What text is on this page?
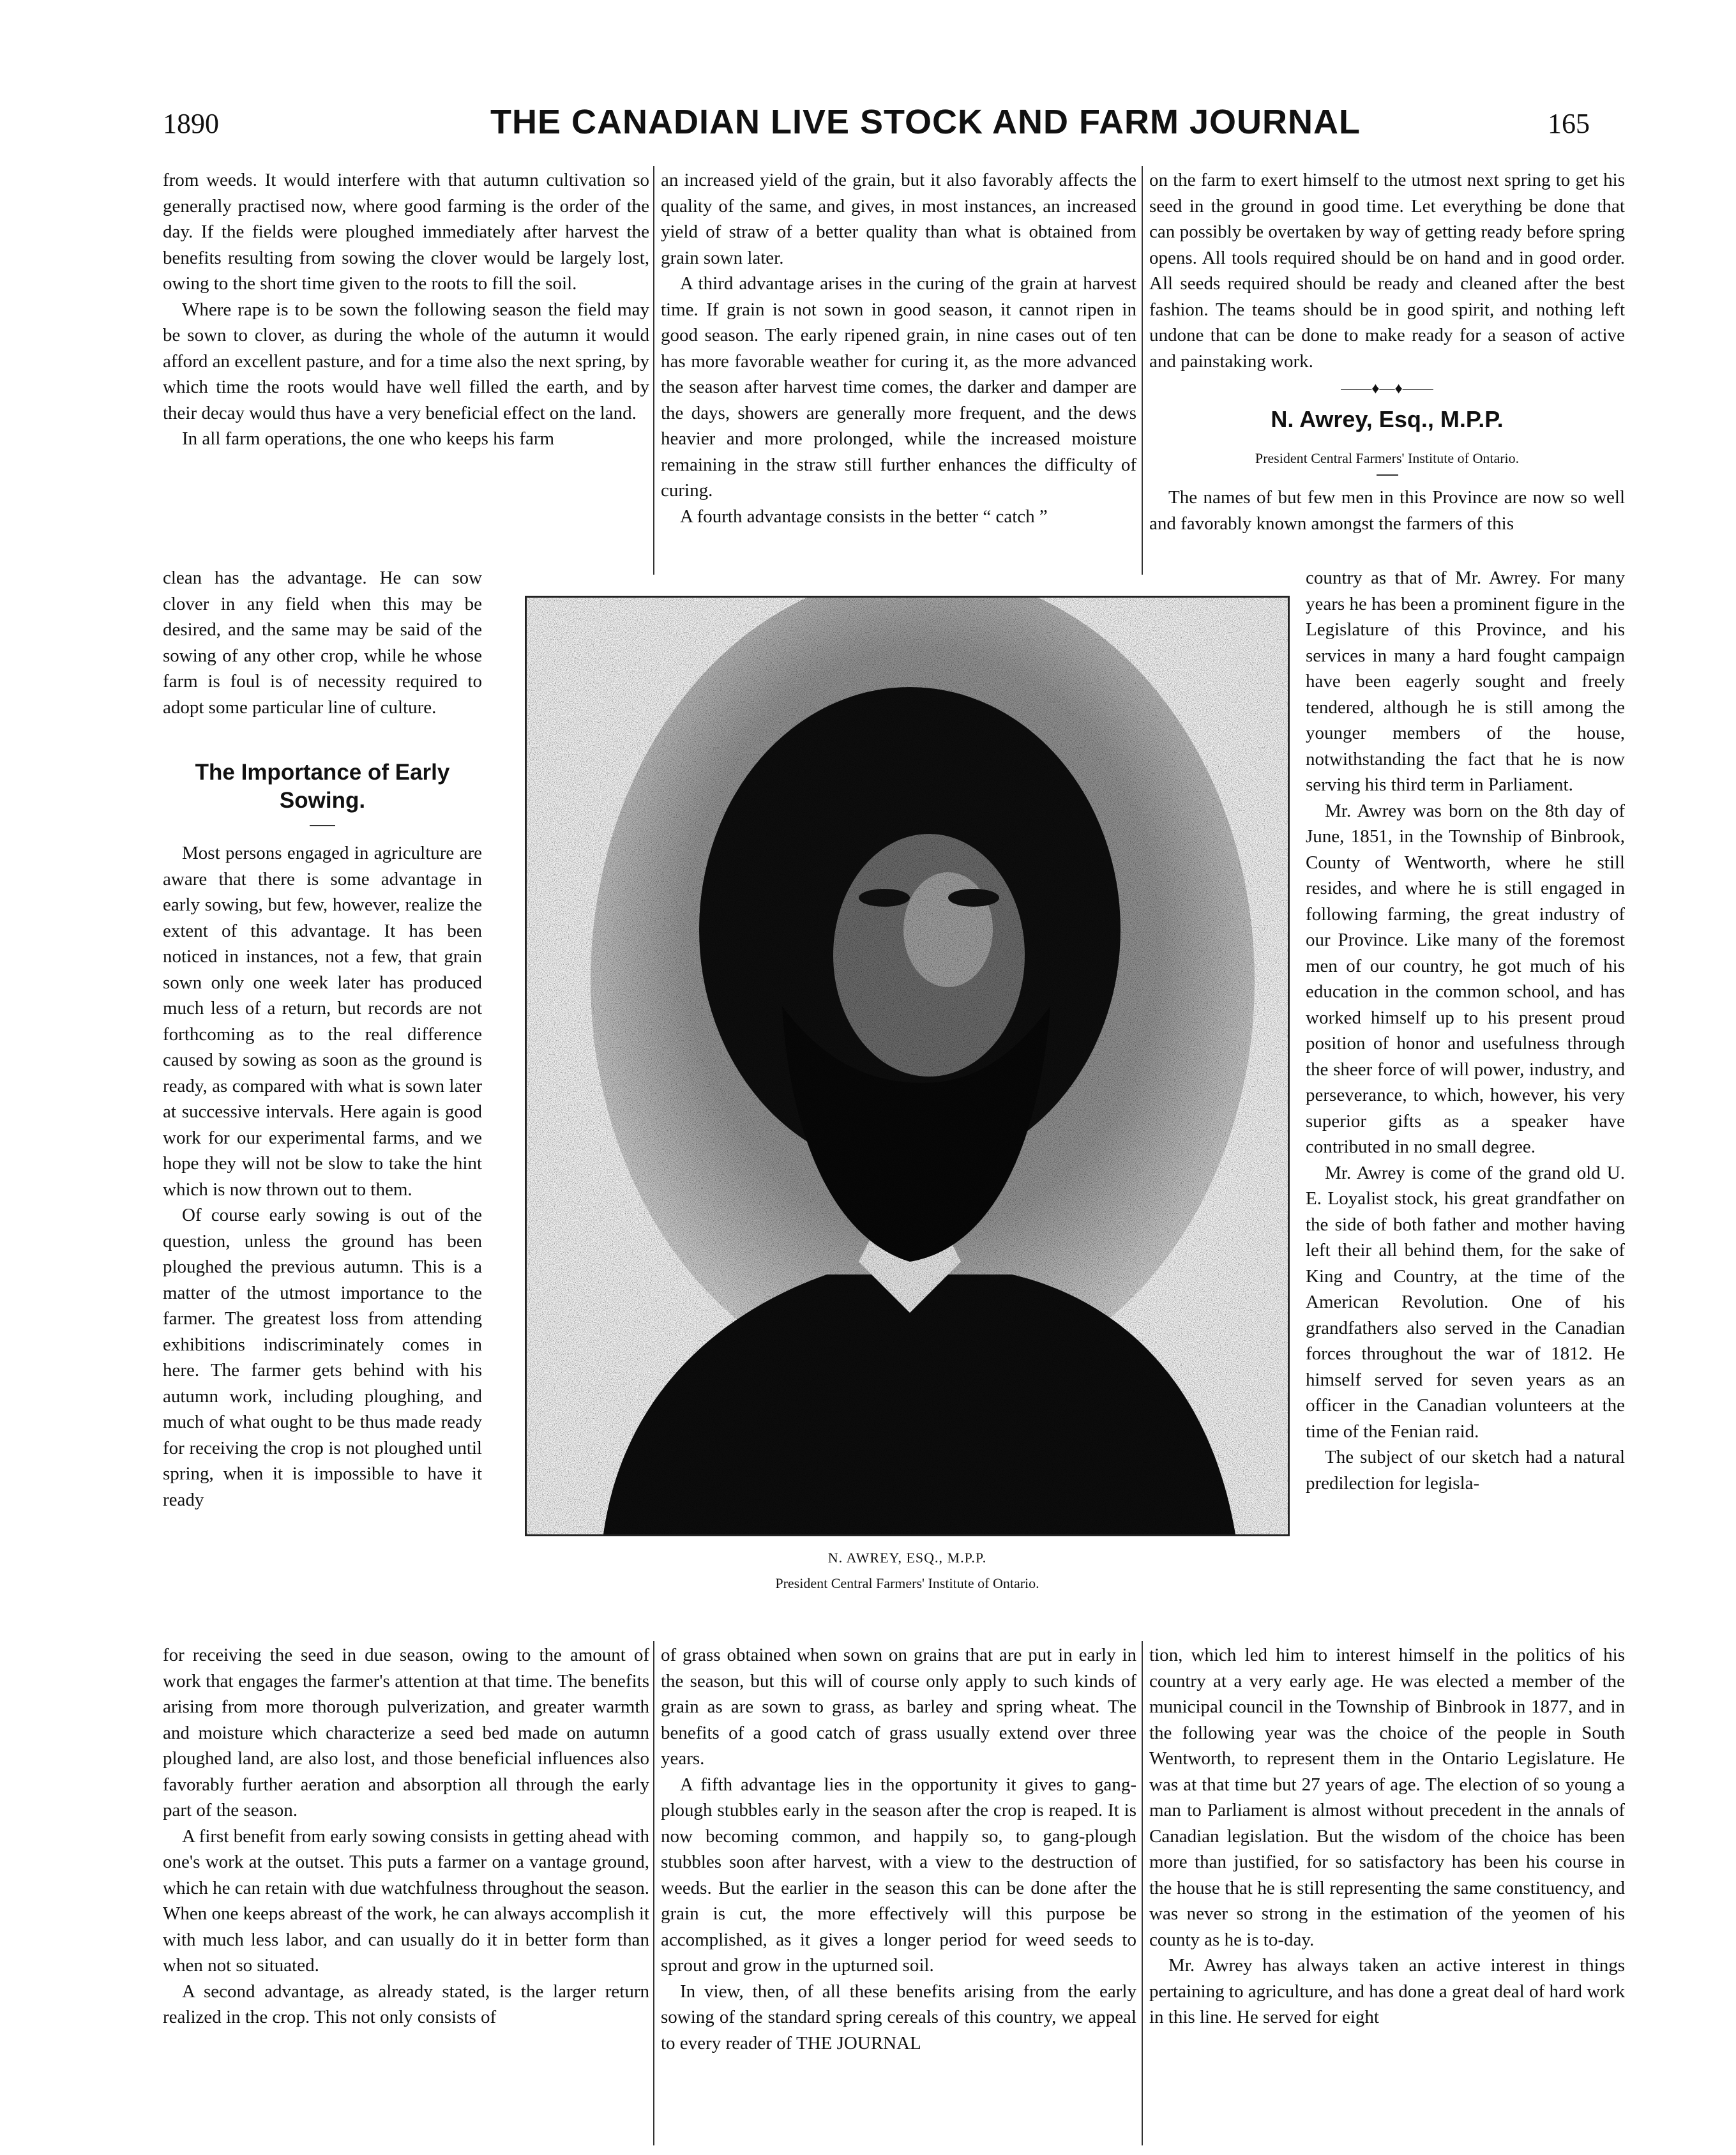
1890	THE CANADIAN LIVE STOCK AND FARM JOURNAL	165

from weeds. It would interfere with that autumn cultivation so generally practised now, where good farming is the order of the day. If the fields were ploughed immediately after harvest the benefits resulting from sowing the clover would be largely lost, owing to the short time given to the roots to fill the soil.

Where rape is to be sown the following season the field may be sown to clover, as during the whole of the autumn it would afford an excellent pasture, and for a time also the next spring, by which time the roots would have well filled the earth, and by their decay would thus have a very beneficial effect on the land.

In all farm operations, the one who keeps his farm

clean has the advantage. He can sow clover in any field when this may be desired, and the same may be said of the sowing of any other crop, while he whose farm is foul is of necessity required to adopt some particular line of culture.

The Importance of Early Sowing.

Most persons engaged in agriculture are aware that there is some advantage in early sowing, but few, however, realize the extent of this advantage. It has been noticed in instances, not a few, that grain sown only one week later has produced much less of a return, but records are not forthcoming as to the real difference caused by sowing as soon as the ground is ready, as compared with what is sown later at successive intervals. Here again is good work for our experimental farms, and we hope they will not be slow to take the hint which is now thrown out to them.

Of course early sowing is out of the question, unless the ground has been ploughed the previous autumn. This is a matter of the utmost importance to the farmer. The greatest loss from attending exhibitions indiscriminately comes in here. The farmer gets behind with his autumn work, including ploughing, and much of what ought to be thus made ready for receiving the crop is not ploughed until spring, when it is impossible to have it ready

for receiving the seed in due season, owing to the amount of work that engages the farmer's attention at that time. The benefits arising from more thorough pulverization, and greater warmth and moisture which characterize a seed bed made on autumn ploughed land, are also lost, and those beneficial influences also favorably further aeration and absorption all through the early part of the season.

A first benefit from early sowing consists in getting ahead with one's work at the outset. This puts a farmer on a vantage ground, which he can retain with due watchfulness throughout the season. When one keeps abreast of the work, he can always accomplish it with much less labor, and can usually do it in better form than when not so situated.

A second advantage, as already stated, is the larger return realized in the crop. This not only consists of

an increased yield of the grain, but it also favorably affects the quality of the same, and gives, in most instances, an increased yield of straw of a better quality than what is obtained from grain sown later.

A third advantage arises in the curing of the grain at harvest time. If grain is not sown in good season, it cannot ripen in good season. The early ripened grain, in nine cases out of ten has more favorable weather for curing it, as the more advanced the season after harvest time comes, the darker and damper are the days, showers are generally more frequent, and the dews heavier and more prolonged, while the increased moisture remaining in the straw still further enhances the difficulty of curing.

A fourth advantage consists in the better “ catch ”

of grass obtained when sown on grains that are put in early in the season, but this will of course only apply to such kinds of grain as are sown to grass, as barley and spring wheat. The benefits of a good catch of grass usually extend over three years.

A fifth advantage lies in the opportunity it gives to gang-plough stubbles early in the season after the crop is reaped. It is now becoming common, and happily so, to gang-plough stubbles soon after harvest, with a view to the destruction of weeds. But the earlier in the season this can be done after the grain is cut, the more effectively will this purpose be accomplished, as it gives a longer period for weed seeds to sprout and grow in the upturned soil.

In view, then, of all these benefits arising from the early sowing of the standard spring cereals of this country, we appeal to every reader of THE JOURNAL

on the farm to exert himself to the utmost next spring to get his seed in the ground in good time. Let everything be done that can possibly be overtaken by way of getting ready before spring opens. All tools required should be on hand and in good order. All seeds required should be ready and cleaned after the best fashion. The teams should be in good spirit, and nothing left undone that can be done to make ready for a season of active and painstaking work.

——♦—♦——
N. Awrey, Esq., M.P.P.
President Central Farmers' Institute of Ontario.

The names of but few men in this Province are now so well and favorably known amongst the farmers of this

country as that of Mr. Awrey. For many years he has been a prominent figure in the Legislature of this Province, and his services in many a hard fought campaign have been eagerly sought and freely tendered, although he is still among the younger members of the house, notwithstanding the fact that he is now serving his third term in Parliament.

Mr. Awrey was born on the 8th day of June, 1851, in the Township of Binbrook, County of Wentworth, where he still resides, and where he is still engaged in following farming, the great industry of our Province. Like many of the foremost men of our country, he got much of his education in the common school, and has worked himself up to his present proud position of honor and usefulness through the sheer force of will power, industry, and perseverance, to which, however, his very superior gifts as a speaker have contributed in no small degree.

Mr. Awrey is come of the grand old U. E. Loyalist stock, his great grandfather on the side of both father and mother having left their all behind them, for the sake of King and Country, at the time of the American Revolution. One of his grandfathers also served in the Canadian forces throughout the war of 1812. He himself served for seven years as an officer in the Canadian volunteers at the time of the Fenian raid.

The subject of our sketch had a natural predilection for legisla-

tion, which led him to interest himself in the politics of his country at a very early age. He was elected a member of the municipal council in the Township of Binbrook in 1877, and in the following year was the choice of the people in South Wentworth, to represent them in the Ontario Legislature. He was at that time but 27 years of age. The election of so young a man to Parliament is almost without precedent in the annals of Canadian legislation. But the wisdom of the choice has been more than justified, for so satisfactory has been his course in the house that he is still representing the same constituency, and was never so strong in the estimation of the yeomen of his county as he is to-day.

Mr. Awrey has always taken an active interest in things pertaining to agriculture, and has done a great deal of hard work in this line. He served for eight

N. AWREY, ESQ., M.P.P.
President Central Farmers' Institute of Ontario.
